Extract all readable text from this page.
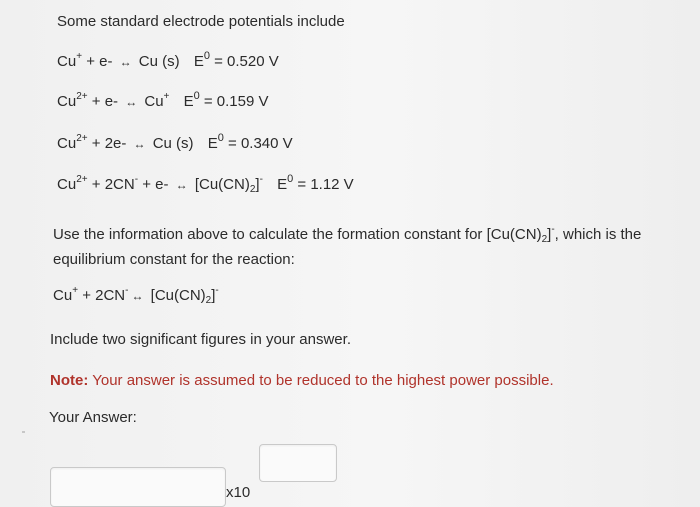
Some standard electrode potentials include
Cu+ + e- ↔ Cu (s) $E^0 = 0.520$ V
$Cu^{2+} + e-$ ↔ Cu+ $E^0 = 0.159$ V
$Cu^{2+} + 2e-$ ↔ Cu (s) $E^0 = 0.340$ V
$Cu^{2+} + 2CN^- + e-$ ↔ $[Cu(CN)_2]^-$ $E^0 = 1.12$ V
Use the information above to calculate the formation constant for $[Cu(CN)_2]^-$, which is the equilibrium constant for the reaction:
Cu+ + 2CN- ↔ $[Cu(CN)_2]^-$
Include two significant figures in your answer.
Note: Your answer is assumed to be reduced to the highest power possible.
Your Answer:
x10
